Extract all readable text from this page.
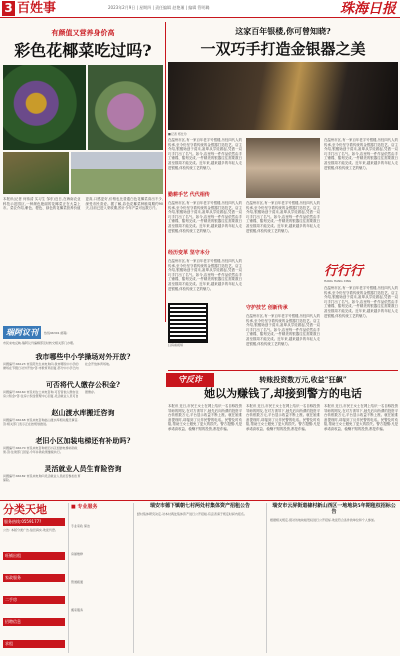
3 百姓事	2023年2月9日 | 星期四 | 责任编辑 赵艳瑾 | 编辑 管明璐	珠海日报
有颜值又营养身价高
彩色花椰菜吃过吗?
本报讯(记者 何伟清 实习生 邹东)近日,在海南农业科技示范园区,一种颜色艳丽的花椰菜正在大量上市。菜农介绍,紫色、橙色、绿色的花椰菜营养价值更高,口感更好,价格也比普通白色花椰菜高出不少,深受市民喜爱。据了解,彩色花椰菜种植周期约90天,目前已进入采收期,预计今年产量可达数万斤。
这家百年银楼,你可曾知晓?
一双巧手打造金银器之美
■记者 郑仕玲
在温州市区,有一家百年老字号银楼,历经四代人的传承,至今仍坚守着传统的金银器打造技艺。店主介绍,银楼始创于清末,祖辈从学徒做起,凭借一双巧手打出了名气。如今,店里每一件作品依然由手工锤揲、錾刻完成,一件精美的银器往往需要数日甚至数周才能完成。近年来,越来越多的年轻人走进银楼,体验传统工艺的魅力。
勤耕手艺 代代相传
在温州市区,有一家百年老字号银楼,历经四代人的传承,至今仍坚守着传统的金银器打造技艺。店主介绍,银楼始创于清末,祖辈从学徒做起,凭借一双巧手打出了名气。如今,店里每一件作品依然由手工锤揲、錾刻完成,一件精美的银器往往需要数日甚至数周才能完成。近年来,越来越多的年轻人走进银楼,体验传统工艺的魅力。
经历变革 坚守本分
在温州市区,有一家百年老字号银楼,历经四代人的传承,至今仍坚守着传统的金银器打造技艺。店主介绍,银楼始创于清末,祖辈从学徒做起,凭借一双巧手打出了名气。如今,店里每一件作品依然由手工锤揲、錾刻完成,一件精美的银器往往需要数日甚至数周才能完成。近年来,越来越多的年轻人走进银楼,体验传统工艺的魅力。
扫码看视频
在温州市区,有一家百年老字号银楼,历经四代人的传承,至今仍坚守着传统的金银器打造技艺。店主介绍,银楼始创于清末,祖辈从学徒做起,凭借一双巧手打出了名气。如今,店里每一件作品依然由手工锤揲、錾刻完成,一件精美的银器往往需要数日甚至数周才能完成。近年来,越来越多的年轻人走进银楼,体验传统工艺的魅力。
守护技艺 创新传承
在温州市区,有一家百年老字号银楼,历经四代人的传承,至今仍坚守着传统的金银器打造技艺。店主介绍,银楼始创于清末,祖辈从学徒做起,凭借一双巧手打出了名气。如今,店里每一件作品依然由手工锤揲、錾刻完成,一件精美的银器往往需要数日甚至数周才能完成。近年来,越来越多的年轻人走进银楼,体验传统工艺的魅力。
在温州市区,有一家百年老字号银楼,历经四代人的传承,至今仍坚守着传统的金银器打造技艺。店主介绍,银楼始创于清末,祖辈从学徒做起,凭借一双巧手打出了名气。如今,店里每一件作品依然由手工锤揲、錾刻完成,一件精美的银器往往需要数日甚至数周才能完成。近年来,越来越多的年轻人走进银楼,体验传统工艺的魅力。
行行行
HANG HANG XING
在温州市区,有一家百年老字号银楼,历经四代人的传承,至今仍坚守着传统的金银器打造技艺。店主介绍,银楼始创于清末,祖辈从学徒做起,凭借一双巧手打出了名气。如今,店里每一件作品依然由手工锤揲、錾刻完成,一件精美的银器往往需要数日甚至数周才能完成。近年来,越来越多的年轻人走进银楼,体验传统工艺的魅力。
瑞阿议刊	热线96301 邮箱:
市民来电反映,瑞阿议刊编辑部及时转交相关部门办理。
我市哪些中小学操场对外开放?
问题编号:66123 市民陈先生来电询问,我市哪些中小学的操场在节假日对外开放?答:市教育局回复,部分中小学已向社会开放体育场地。
可否将代人缴存公积金?
问题编号:66160 市民刘女士来电咨询,可否替他人缴存住房公积金?答:住房公积金管理中心回复,灵活就业人员可自愿缴存。
赵山渡水库搬迁咨询
问题编号:66168 市民来电咨询赵山渡水库相关搬迁事宜,答:相关部门表示正在按规划推进。
老旧小区加装电梯还有补助吗?
问题编号:66170 市民来电咨询老旧小区加装电梯补助政策,答:住建部门回复,今年补助政策继续执行。
灵活就业人员生育险咨询
问题编号:66182 市民来电询问灵活就业人员能否参加生育保险。
守反诈	转账投资数万元,收益“狂飙”
她以为赚钱了,却接到警方的电话
本报讯 近日,市民王女士在网上结识一名自称投资导师的网友,在对方诱导下,她先后向所谓的投资平台转账数万元,平台显示收益不断上涨。就在她准备提现时,却接到了反诈民警的电话。民警及时劝阻,帮助王女士避免了更大的损失。警方提醒:凡是承诺高收益、稳赚不赔的投资,都是诈骗。
本报讯 近日,市民王女士在网上结识一名自称投资导师的网友,在对方诱导下,她先后向所谓的投资平台转账数万元,平台显示收益不断上涨。就在她准备提现时,却接到了反诈民警的电话。民警及时劝阻,帮助王女士避免了更大的损失。警方提醒:凡是承诺高收益、稳赚不赔的投资,都是诈骗。
本报讯 近日,市民王女士在网上结识一名自称投资导师的网友,在对方诱导下,她先后向所谓的投资平台转账数万元,平台显示收益不断上涨。就在她准备提现时,却接到了反诈民警的电话。民警及时劝阻,帮助王女士避免了更大的损失。警方提醒:凡是承诺高收益、稳赚不赔的投资,都是诈骗。
分类天地
服务热线:0559177?
公告: 本版分类广告,信息真实,欢迎刊登。
旺铺出租
家政服务
二手房
招聘信息
求租
■ 专业服务
专业家政 保洁
房屋维修
管道疏通
搬家服务
瑞安市德下镇朝七村两处村集体资产招租公告
经村集体研究决定,对本村两处集体资产进行公开招租,有意者请于规定时间内报名。
瑞安市云屏街道棣村新山西区一地地块5年期租权招标公告
根据相关规定,现对该地块租赁权进行公开招标,欢迎符合条件的单位和个人参加。
